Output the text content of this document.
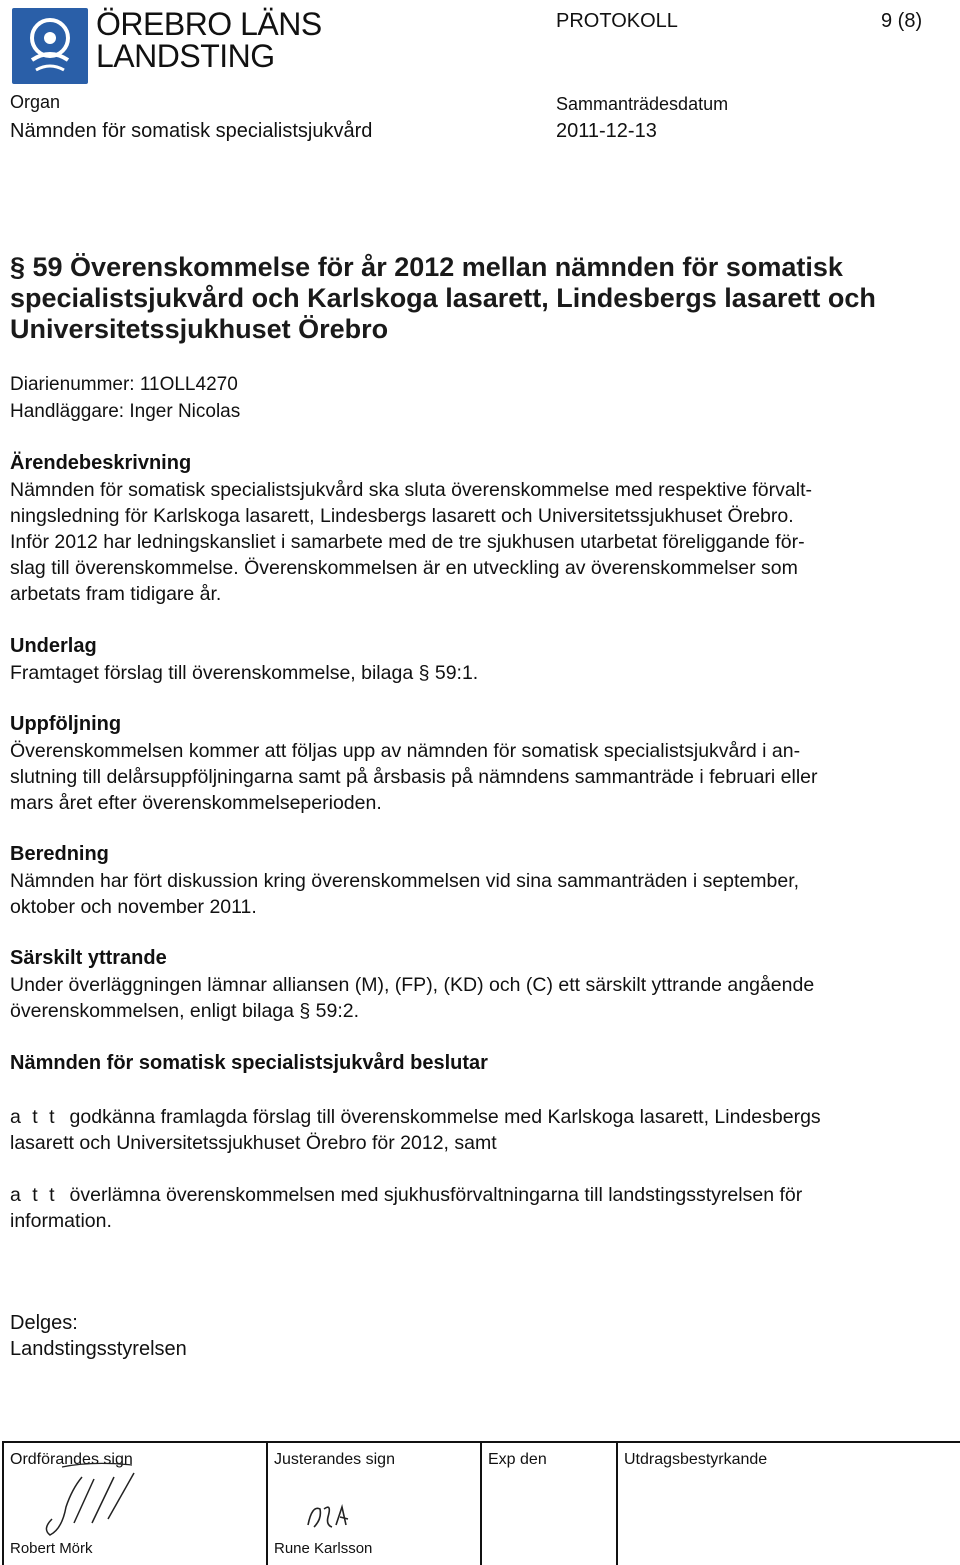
ÖREBRO LÄNS
LANDSTING
PROTOKOLL	9 (8)
Organ
Nämnden för somatisk specialistsjukvård
Sammanträdesdatum
2011-12-13
§ 59 Överenskommelse för år 2012 mellan nämnden för somatisk specialistsjukvård och Karlskoga lasarett, Lindesbergs lasarett och Universitetssjukhuset Örebro
Diarienummer: 11OLL4270
Handläggare: Inger Nicolas
Ärendebeskrivning
Nämnden för somatisk specialistsjukvård ska sluta överenskommelse med respektive förvalt-
ningsledning för Karlskoga lasarett, Lindesbergs lasarett och Universitetssjukhuset Örebro.
Inför 2012 har ledningskansliet i samarbete med de tre sjukhusen utarbetat föreliggande för-
slag till överenskommelse. Överenskommelsen är en utveckling av överenskommelser som
arbetats fram tidigare år.
Underlag
Framtaget förslag till överenskommelse, bilaga § 59:1.
Uppföljning
Överenskommelsen kommer att följas upp av nämnden för somatisk specialistsjukvård i an-
slutning till delårsuppföljningarna samt på årsbasis på nämndens sammanträde i februari eller
mars året efter överenskommelseperioden.
Beredning
Nämnden har fört diskussion kring överenskommelsen vid sina sammanträden i september,
oktober och november 2011.
Särskilt yttrande
Under överläggningen lämnar alliansen (M), (FP), (KD) och (C) ett särskilt yttrande angående
överenskommelsen, enligt bilaga § 59:2.
Nämnden för somatisk specialistsjukvård beslutar
a t t godkänna framlagda förslag till överenskommelse med Karlskoga lasarett, Lindesbergs
lasarett och Universitetssjukhuset Örebro för 2012, samt
a t t överlämna överenskommelsen med sjukhusförvaltningarna till landstingsstyrelsen för
information.
Delges:
Landstingsstyrelsen
Ordförandes sign	Justerandes sign	Exp den	Utdragsbestyrkande
Robert Mörk	Rune Karlsson
